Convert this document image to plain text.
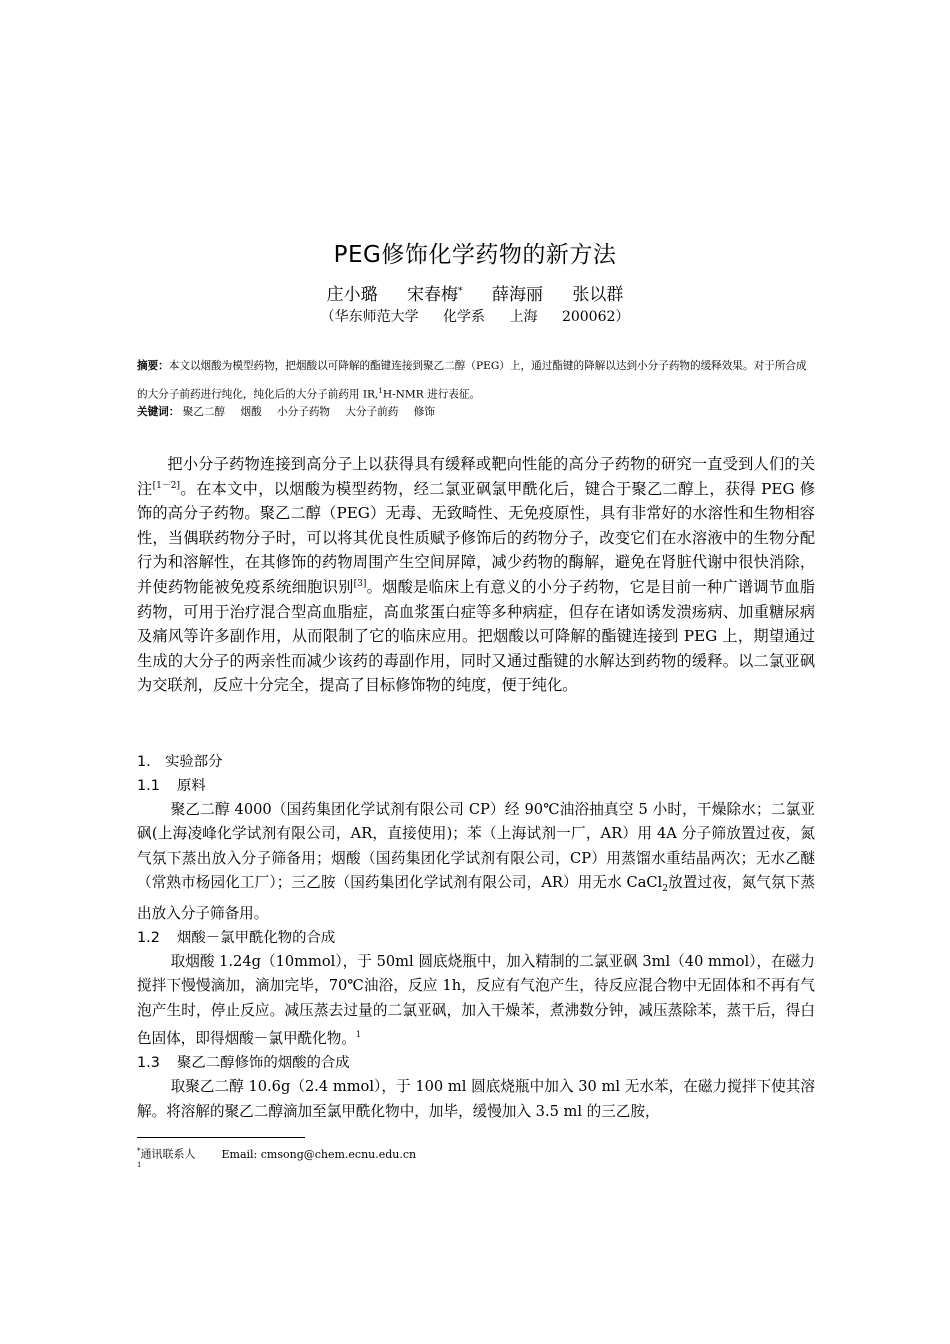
PEG修饰化学药物的新方法
庄小璐 宋春梅* 薛海丽 张以群
（华东师范大学 化学系 上海 200062）
摘要：本文以烟酸为模型药物，把烟酸以可降解的酯键连接到聚乙二醇（PEG）上，通过酯键的降解以达到小分子药物的缓释效果。对于所合成的大分子前药进行纯化，纯化后的大分子前药用 IR,$^1$H-NMR 进行表征。
关键词： 聚乙二醇 烟酸 小分子药物 大分子前药 修饰

把小分子药物连接到高分子上以获得具有缓释或靶向性能的高分子药物的研究一直受到人们的关注[1－2]。在本文中，以烟酸为模型药物，经二氯亚砜氯甲酰化后，键合于聚乙二醇上，获得 PEG 修饰的高分子药物。聚乙二醇（PEG）无毒、无致畸性、无免疫原性，具有非常好的水溶性和生物相容性，当偶联药物分子时，可以将其优良性质赋予修饰后的药物分子，改变它们在水溶液中的生物分配行为和溶解性，在其修饰的药物周围产生空间屏障，减少药物的酶解，避免在肾脏代谢中很快消除，并使药物能被免疫系统细胞识别[3]。烟酸是临床上有意义的小分子药物，它是目前一种广谱调节血脂药物，可用于治疗混合型高血脂症，高血浆蛋白症等多种病症，但存在诸如诱发溃疡病、加重糖尿病及痛风等许多副作用，从而限制了它的临床应用。把烟酸以可降解的酯键连接到 PEG 上，期望通过生成的大分子的两亲性而减少该药的毒副作用，同时又通过酯键的水解达到药物的缓释。以二氯亚砜为交联剂，反应十分完全，提高了目标修饰物的纯度，便于纯化。

1. 实验部分
1.1 原料

聚乙二醇 4000（国药集团化学试剂有限公司 CP）经 90℃油浴抽真空 5 小时，干燥除水；二氯亚砜(上海凌峰化学试剂有限公司，AR，直接使用)；苯（上海试剂一厂，AR）用 4A 分子筛放置过夜，氮气氛下蒸出放入分子筛备用；烟酸（国药集团化学试剂有限公司，CP）用蒸馏水重结晶两次；无水乙醚（常熟市杨园化工厂）；三乙胺（国药集团化学试剂有限公司，AR）用无水 CaCl$_2$放置过夜，氮气氛下蒸出放入分子筛备用。

1.2 烟酸－氯甲酰化物的合成

取烟酸 1.24g（10mmol），于 50ml 圆底烧瓶中，加入精制的二氯亚砜 3ml（40 mmol），在磁力搅拌下慢慢滴加，滴加完毕，70℃油浴，反应 1h，反应有气泡产生，待反应混合物中无固体和不再有气泡产生时，停止反应。减压蒸去过量的二氯亚砜，加入干燥苯，煮沸数分钟，减压蒸除苯，蒸干后，得白色固体，即得烟酸－氯甲酰化物。$^1$

1.3 聚乙二醇修饰的烟酸的合成

取聚乙二醇 10.6g（2.4 mmol），于 100 ml 圆底烧瓶中加入 30 ml 无水苯，在磁力搅拌下使其溶解。将溶解的聚乙二醇滴加至氯甲酰化物中，加毕，缓慢加入 3.5 ml 的三乙胺，

*通讯联系人 Email: cmsong@chem.ecnu.edu.cn
1
